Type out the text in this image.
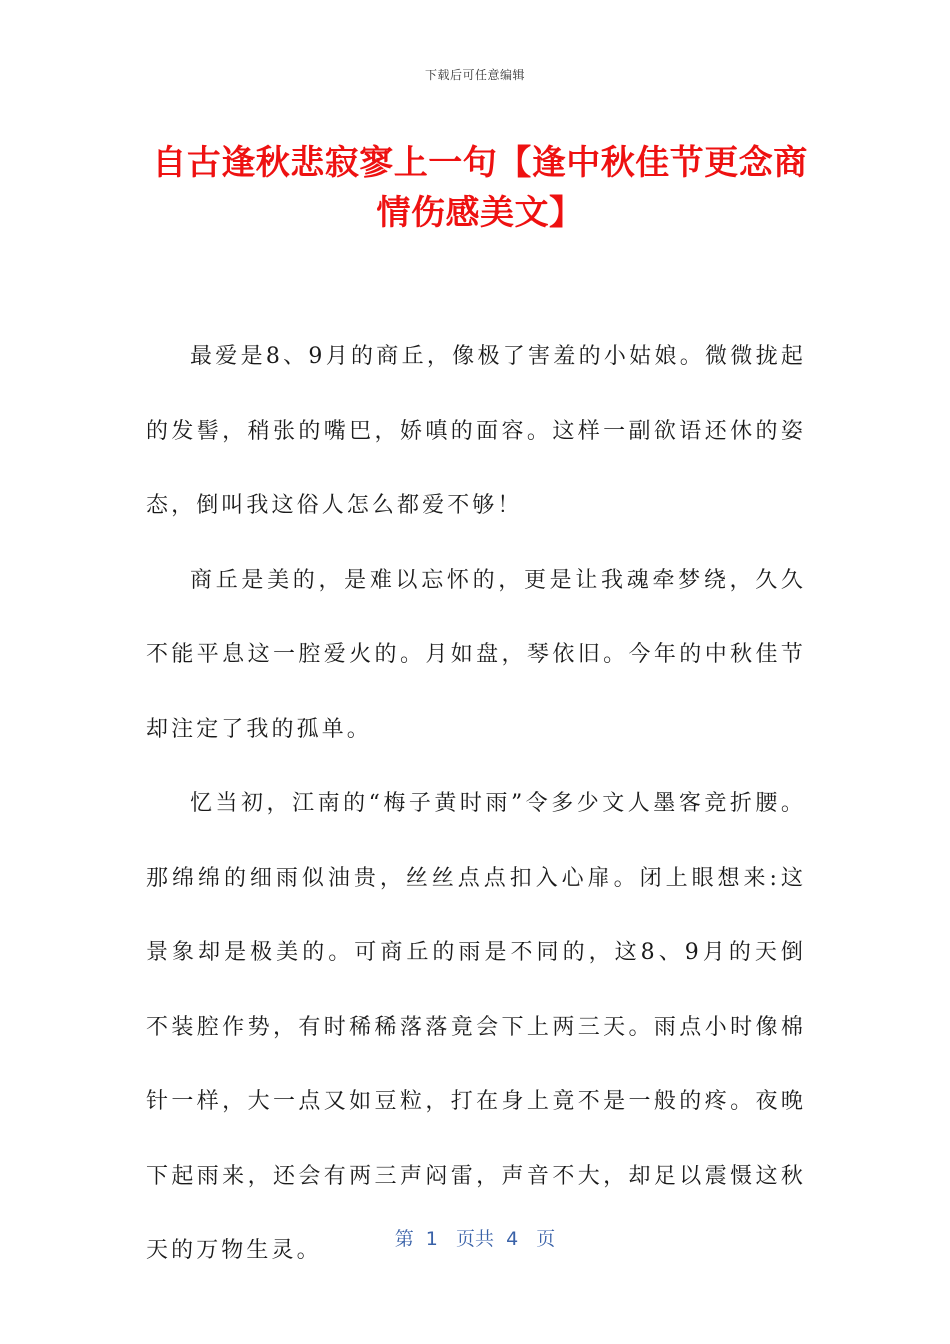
下载后可任意编辑
自古逢秋悲寂寥上一句【逢中秋佳节更念商
情伤感美文】

最爱是8、9月的商丘，像极了害羞的小姑娘。微微拢起的发髻，稍张的嘴巴，娇嗔的面容。这样一副欲语还休的姿态，倒叫我这俗人怎么都爱不够！

商丘是美的，是难以忘怀的，更是让我魂牵梦绕，久久不能平息这一腔爱火的。月如盘，琴依旧。今年的中秋佳节却注定了我的孤单。

忆当初，江南的“梅子黄时雨”令多少文人墨客竞折腰。那绵绵的细雨似油贵，丝丝点点扣入心扉。闭上眼想来:这景象却是极美的。可商丘的雨是不同的，这8、9月的天倒不装腔作势，有时稀稀落落竟会下上两三天。雨点小时像棉针一样，大一点又如豆粒，打在身上竟不是一般的疼。夜晚下起雨来，还会有两三声闷雷，声音不大，却足以震慑这秋天的万物生灵。	第  1   页共  4   页
